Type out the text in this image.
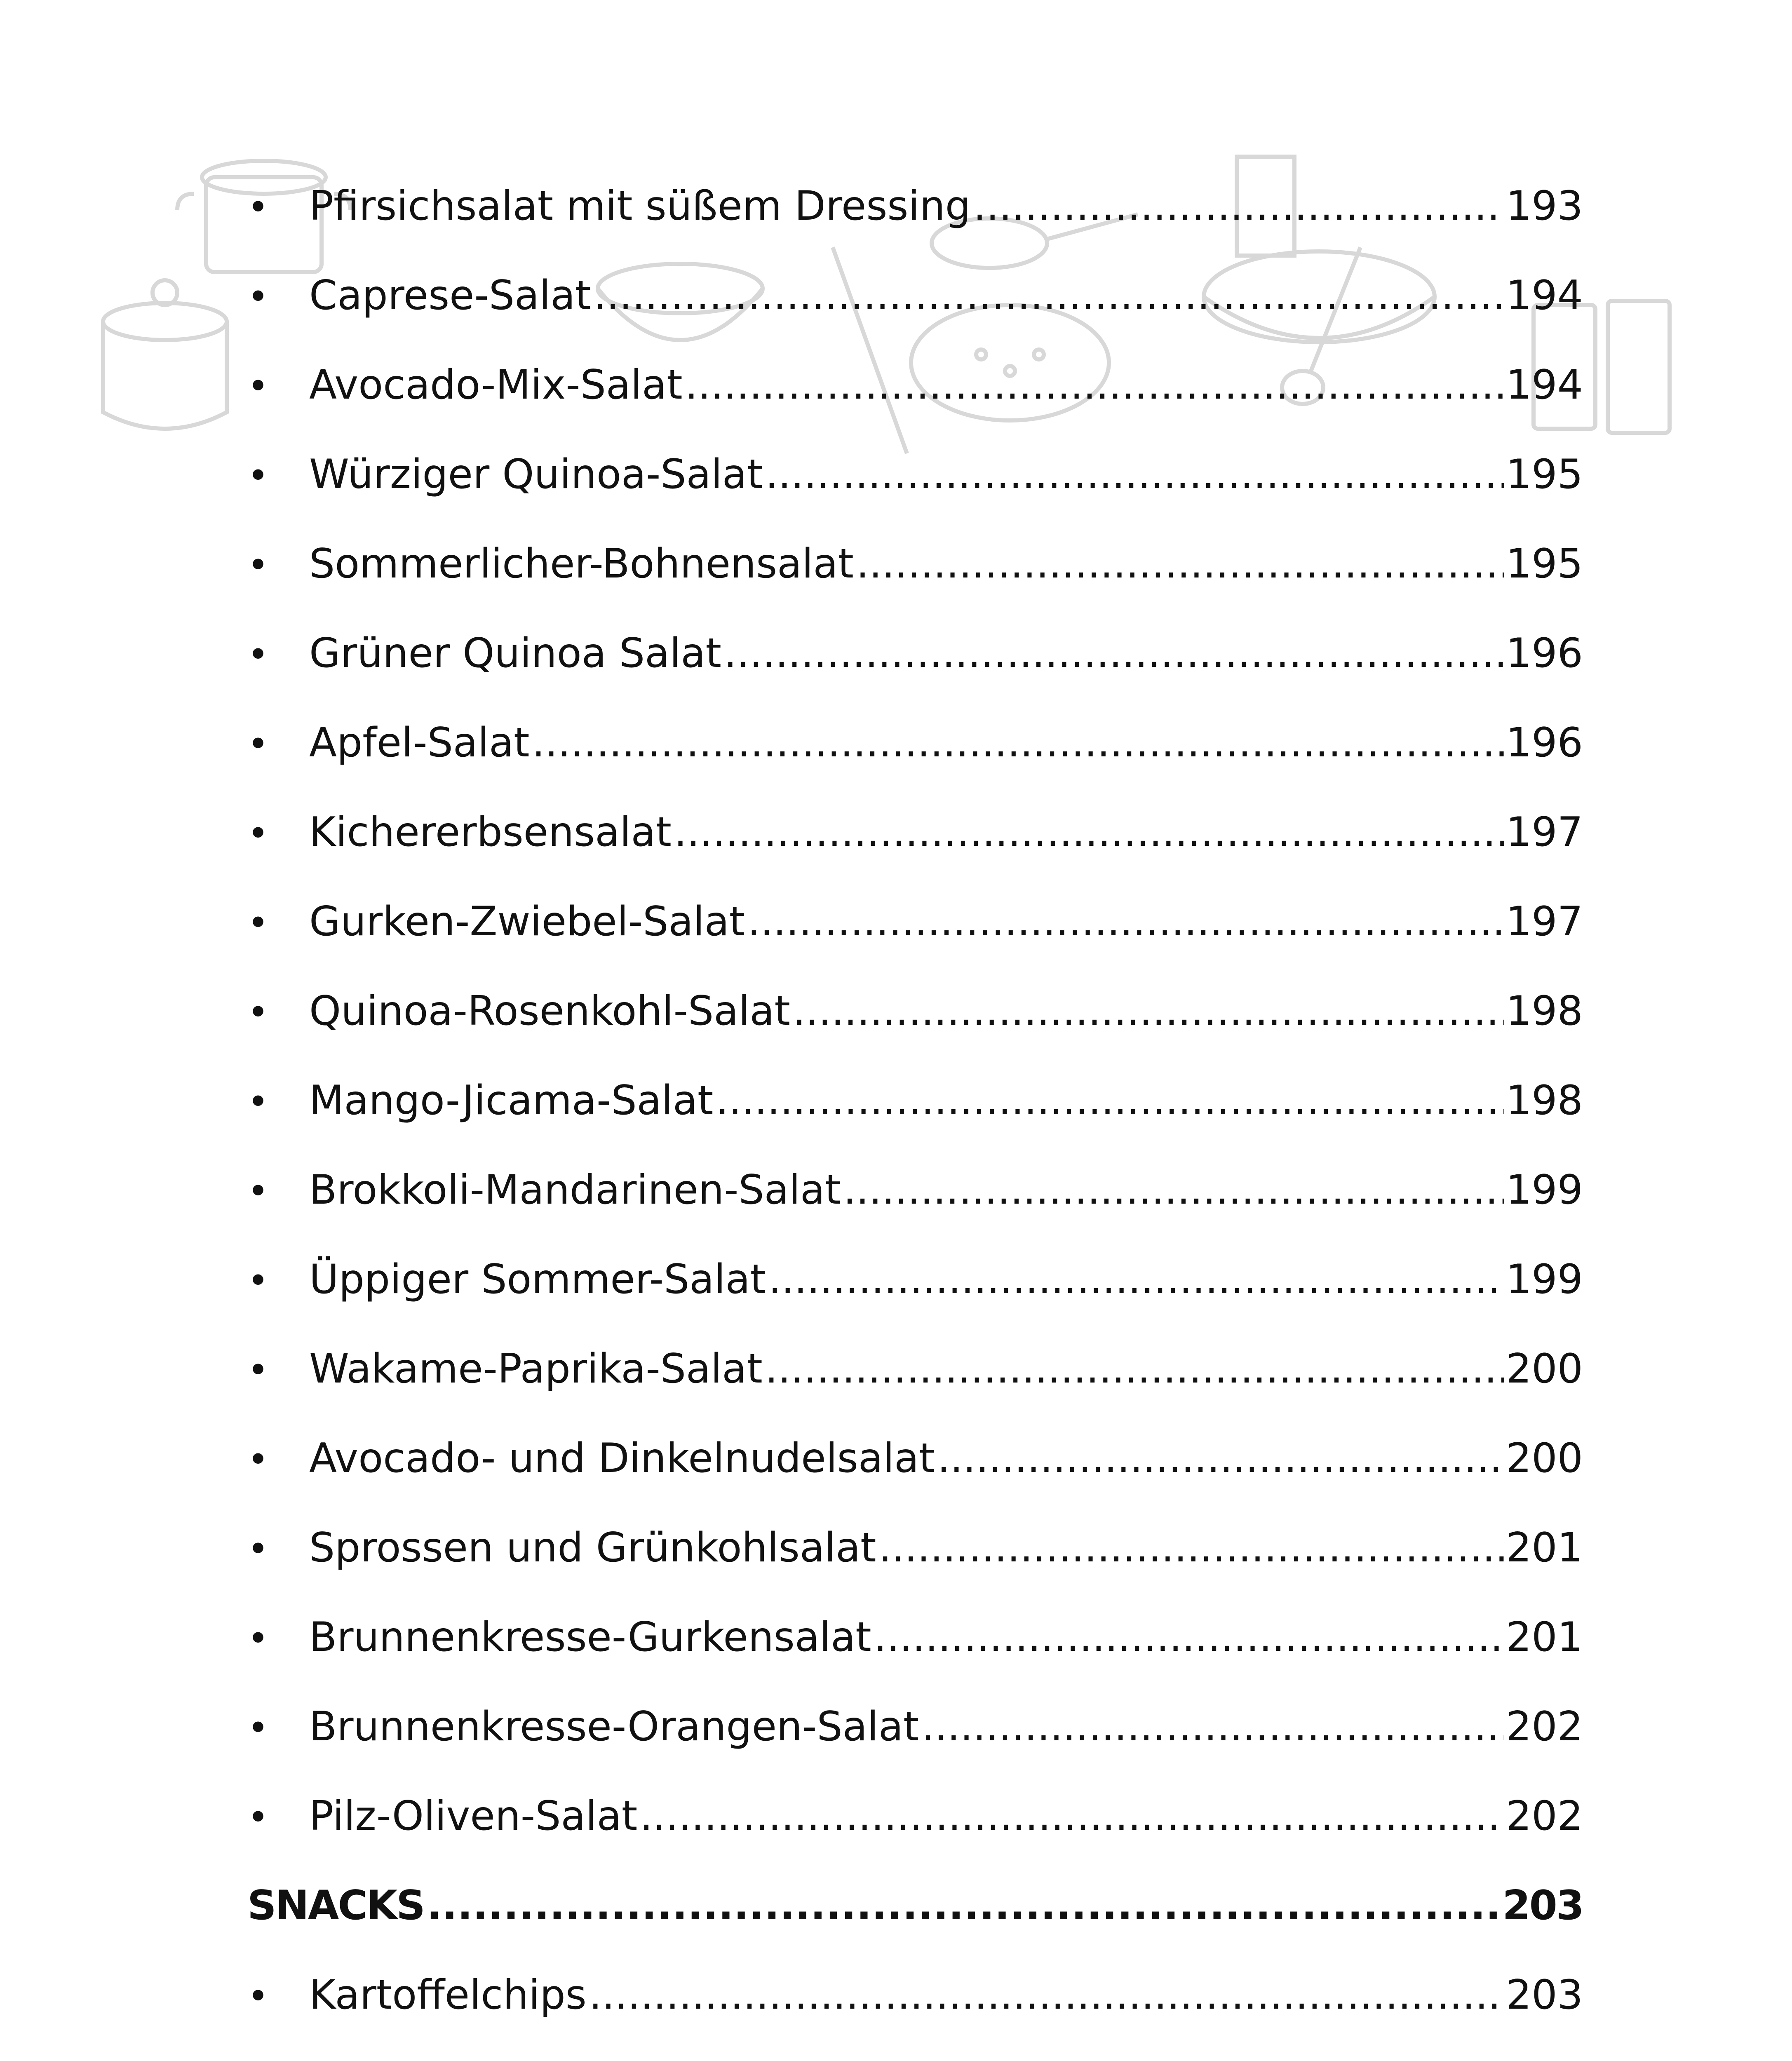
•	Pfirsichsalat mit süßem Dressing .....	193
•	Caprese-Salat .....	194
•	Avocado-Mix-Salat .....	194
•	Würziger Quinoa-Salat .....	195
•	Sommerlicher-Bohnensalat .....	195
•	Grüner Quinoa Salat .....	196
•	Apfel-Salat .....	196
•	Kichererbsensalat .....	197
•	Gurken-Zwiebel-Salat .....	197
•	Quinoa-Rosenkohl-Salat .....	198
•	Mango-Jicama-Salat .....	198
•	Brokkoli-Mandarinen-Salat .....	199
•	Üppiger Sommer-Salat .....	199
•	Wakame-Paprika-Salat .....	200
•	Avocado- und Dinkelnudelsalat .....	200
•	Sprossen und Grünkohlsalat .....	201
•	Brunnenkresse-Gurkensalat .....	201
•	Brunnenkresse-Orangen-Salat .....	202
•	Pilz-Oliven-Salat .....	202
SNACKS .....	203
•	Kartoffelchips .....	203
.....
